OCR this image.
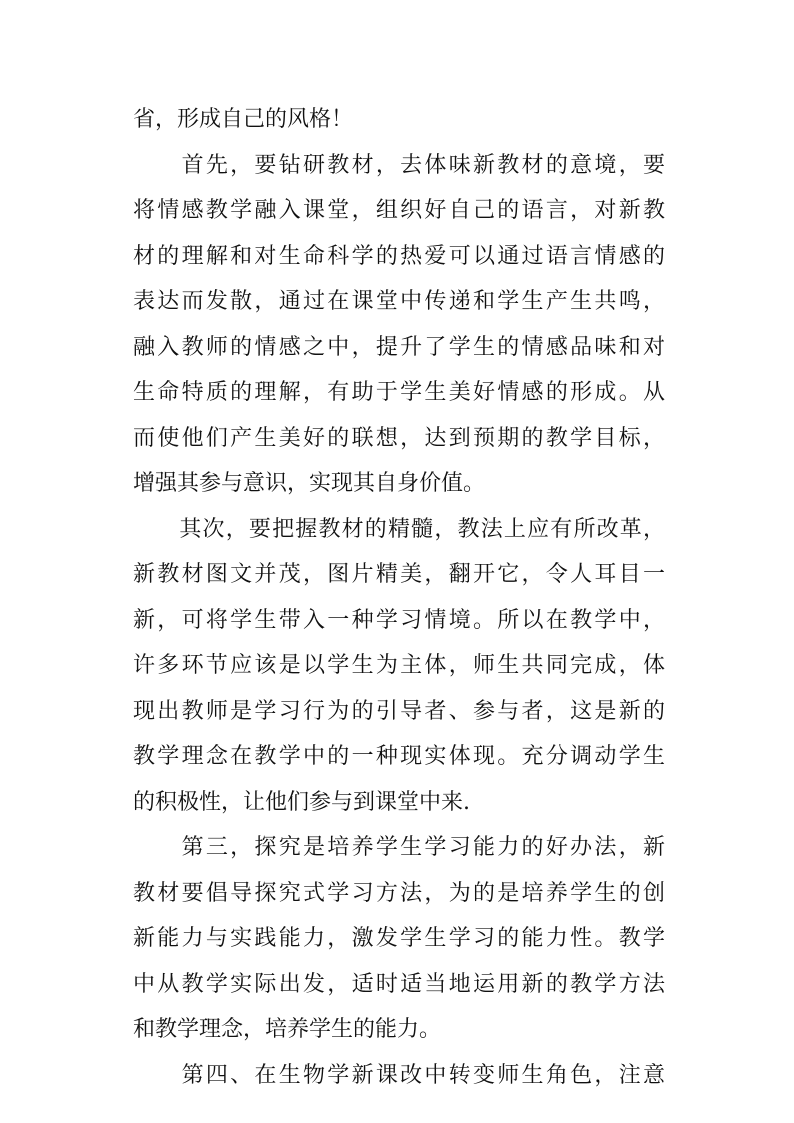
省，形成自己的风格！
　　首先，要钻研教材，去体味新教材的意境，要
将情感教学融入课堂，组织好自己的语言，对新教
材的理解和对生命科学的热爱可以通过语言情感的
表达而发散，通过在课堂中传递和学生产生共鸣，
融入教师的情感之中，提升了学生的情感品味和对
生命特质的理解，有助于学生美好情感的形成。从
而使他们产生美好的联想，达到预期的教学目标，
增强其参与意识，实现其自身价值。
　　其次，要把握教材的精髓，教法上应有所改革，
新教材图文并茂，图片精美，翻开它，令人耳目一
新，可将学生带入一种学习情境。所以在教学中，
许多环节应该是以学生为主体，师生共同完成，体
现出教师是学习行为的引导者、参与者，这是新的
教学理念在教学中的一种现实体现。充分调动学生
的积极性，让他们参与到课堂中来.
　　第三，探究是培养学生学习能力的好办法，新
教材要倡导探究式学习方法，为的是培养学生的创
新能力与实践能力，激发学生学习的能力性。教学
中从教学实际出发，适时适当地运用新的教学方法
和教学理念，培养学生的能力。
　　第四、在生物学新课改中转变师生角色，注意
